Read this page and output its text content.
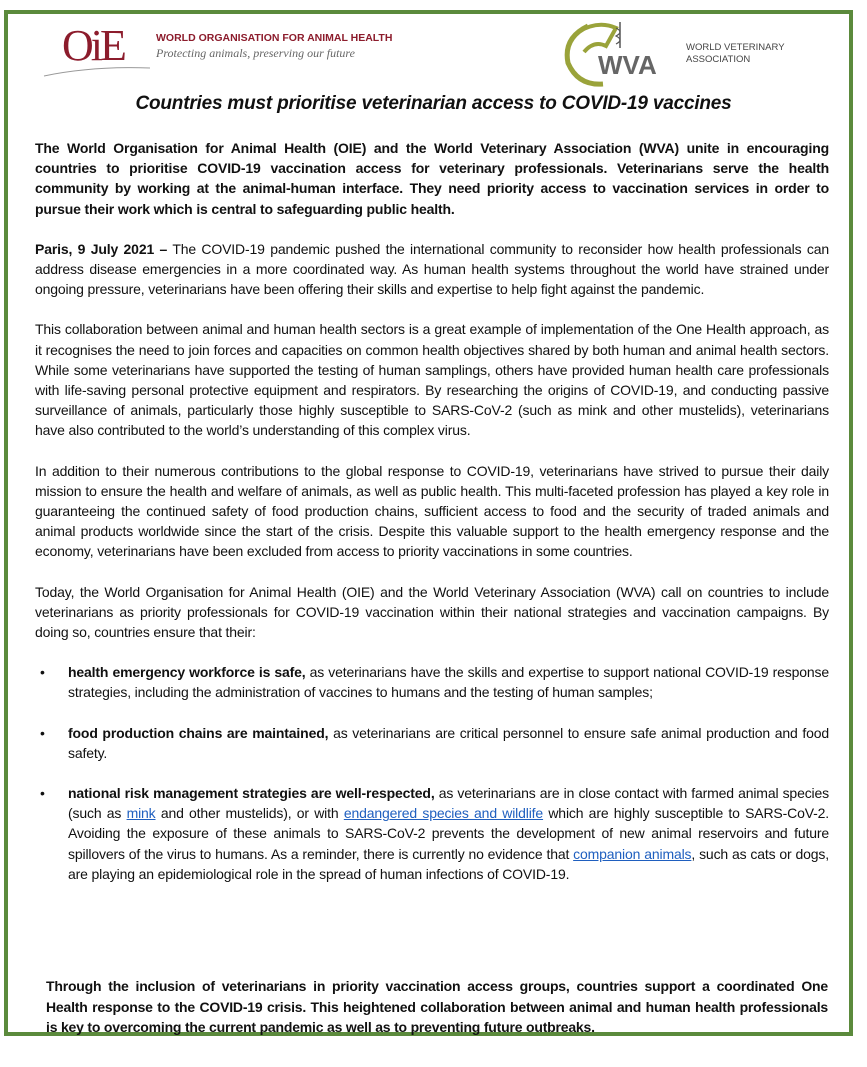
OiE	WORLD ORGANISATION FOR ANIMAL HEALTH
Protecting animals, preserving our future	WVA
WORLD VETERINARY
ASSOCIATION
Countries must prioritise veterinarian access to COVID-19 vaccines

The World Organisation for Animal Health (OIE) and the World Veterinary Association (WVA) unite in encouraging countries to prioritise COVID-19 vaccination access for veterinary professionals. Veterinarians serve the health community by working at the animal-human interface. They need priority access to vaccination services in order to pursue their work which is central to safeguarding public health.

Paris, 9 July 2021 – The COVID-19 pandemic pushed the international community to reconsider how health professionals can address disease emergencies in a more coordinated way. As human health systems throughout the world have strained under ongoing pressure, veterinarians have been offering their skills and expertise to help fight against the pandemic.

This collaboration between animal and human health sectors is a great example of implementation of the One Health approach, as it recognises the need to join forces and capacities on common health objectives shared by both human and animal health sectors. While some veterinarians have supported the testing of human samplings, others have provided human health care professionals with life-saving personal protective equipment and respirators. By researching the origins of COVID-19, and conducting passive surveillance of animals, particularly those highly susceptible to SARS-CoV-2 (such as mink and other mustelids), veterinarians have also contributed to the world’s understanding of this complex virus.

In addition to their numerous contributions to the global response to COVID-19, veterinarians have strived to pursue their daily mission to ensure the health and welfare of animals, as well as public health. This multi-faceted profession has played a key role in guaranteeing the continued safety of food production chains, sufficient access to food and the security of traded animals and animal products worldwide since the start of the crisis. Despite this valuable support to the health emergency response and the economy, veterinarians have been excluded from access to priority vaccinations in some countries.

Today, the World Organisation for Animal Health (OIE) and the World Veterinary Association (WVA) call on countries to include veterinarians as priority professionals for COVID-19 vaccination within their national strategies and vaccination campaigns. By doing so, countries ensure that their:

• health emergency workforce is safe, as veterinarians have the skills and expertise to support national COVID-19 response strategies, including the administration of vaccines to humans and the testing of human samples;
• food production chains are maintained, as veterinarians are critical personnel to ensure safe animal production and food safety.
• national risk management strategies are well-respected, as veterinarians are in close contact with farmed animal species (such as mink and other mustelids), or with endangered species and wildlife which are highly susceptible to SARS-CoV-2. Avoiding the exposure of these animals to SARS-CoV-2 prevents the development of new animal reservoirs and future spillovers of the virus to humans. As a reminder, there is currently no evidence that companion animals, such as cats or dogs, are playing an epidemiological role in the spread of human infections of COVID-19.

Through the inclusion of veterinarians in priority vaccination access groups, countries support a coordinated One Health response to the COVID-19 crisis. This heightened collaboration between animal and human health professionals is key to overcoming the current pandemic as well as to preventing future outbreaks.
